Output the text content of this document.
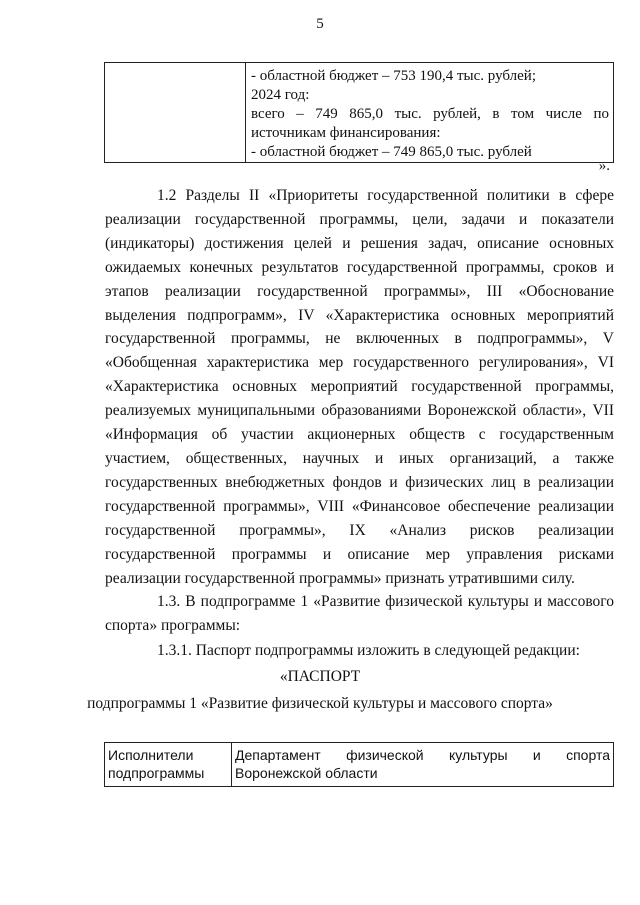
5

- областной бюджет – 753 190,4 тыс. рублей;
2024 год:
всего – 749 865,0 тыс. рублей, в том числе по
источникам финансирования:
- областной бюджет – 749 865,0 тыс. рублей
».

1.2 Разделы II «Приоритеты государственной политики в сфере реализации государственной программы, цели, задачи и показатели (индикаторы) достижения целей и решения задач, описание основных ожидаемых конечных результатов государственной программы, сроков и этапов реализации государственной программы», III «Обоснование выделения подпрограмм», IV «Характеристика основных мероприятий государственной программы, не включенных в подпрограммы», V «Обобщенная характеристика мер государственного регулирования», VI «Характеристика основных мероприятий государственной программы, реализуемых муниципальными образованиями Воронежской области», VII «Информация об участии акционерных обществ с государственным участием, общественных, научных и иных организаций, а также государственных внебюджетных фондов и физических лиц в реализации государственной программы», VIII «Финансовое обеспечение реализации государственной программы», IX «Анализ рисков реализации государственной программы и описание мер управления рисками реализации государственной программы» признать утратившими силу.

1.3. В подпрограмме 1 «Развитие физической культуры и массового спорта» программы:

1.3.1. Паспорт подпрограммы изложить в следующей редакции:

«ПАСПОРТ
подпрограммы 1 «Развитие физической культуры и массового спорта»
Исполнители подпрограммы	Департамент физической культуры и спорта Воронежской области
